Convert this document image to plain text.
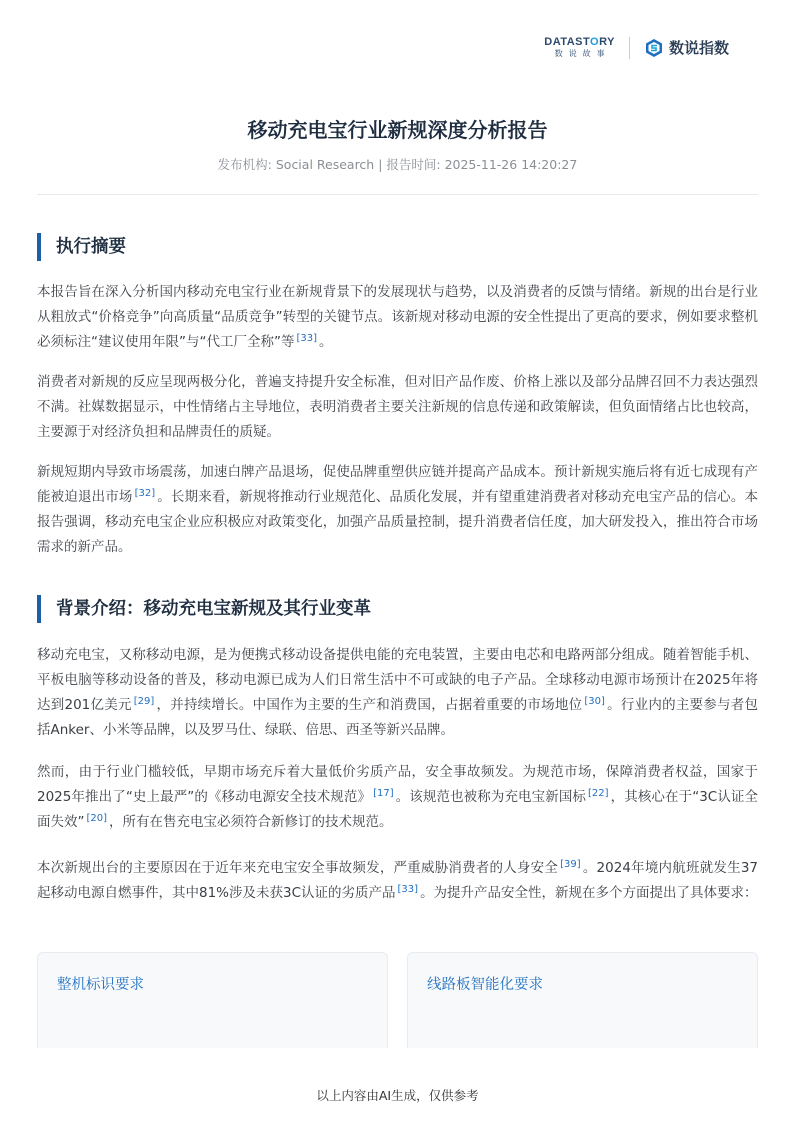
DATASTORY
数说故事	数说指数
移动充电宝行业新规深度分析报告
发布机构: Social Research | 报告时间: 2025-11-26 14:20:27
执行摘要

本报告旨在深入分析国内移动充电宝行业在新规背景下的发展现状与趋势，以及消费者的反馈与情绪。新规的出台是行业从粗放式“价格竞争”向高质量“品质竞争”转型的关键节点。该新规对移动电源的安全性提出了更高的要求，例如要求整机必须标注“建议使用年限”与“代工厂全称”等 [33] 。

消费者对新规的反应呈现两极分化，普遍支持提升安全标准，但对旧产品作废、价格上涨以及部分品牌召回不力表达强烈不满。社媒数据显示，中性情绪占主导地位，表明消费者主要关注新规的信息传递和政策解读，但负面情绪占比也较高，主要源于对经济负担和品牌责任的质疑。

新规短期内导致市场震荡，加速白牌产品退场，促使品牌重塑供应链并提高产品成本。预计新规实施后将有近七成现有产能被迫退出市场 [32] 。长期来看，新规将推动行业规范化、品质化发展，并有望重建消费者对移动充电宝产品的信心。本报告强调，移动充电宝企业应积极应对政策变化，加强产品质量控制，提升消费者信任度，加大研发投入，推出符合市场需求的新产品。

背景介绍：移动充电宝新规及其行业变革

移动充电宝，又称移动电源，是为便携式移动设备提供电能的充电装置，主要由电芯和电路两部分组成。随着智能手机、平板电脑等移动设备的普及，移动电源已成为人们日常生活中不可或缺的电子产品。全球移动电源市场预计在2025年将达到201亿美元 [29] ，并持续增长。中国作为主要的生产和消费国，占据着重要的市场地位 [30] 。行业内的主要参与者包括Anker、小米等品牌，以及罗马仕、绿联、倍思、西圣等新兴品牌。

然而，由于行业门槛较低，早期市场充斥着大量低价劣质产品，安全事故频发。为规范市场，保障消费者权益，国家于2025年推出了“史上最严”的《移动电源安全技术规范》 [17] 。该规范也被称为充电宝新国标 [22] ，其核心在于“3C认证全面失效” [20] ，所有在售充电宝必须符合新修订的技术规范。

本次新规出台的主要原因在于近年来充电宝安全事故频发，严重威胁消费者的人身安全 [39] 。2024年境内航班就发生37起移动电源自燃事件，其中81%涉及未获3C认证的劣质产品 [33] 。为提升产品安全性，新规在多个方面提出了具体要求：

整机标识要求	线路板智能化要求
以上内容由AI生成，仅供参考
